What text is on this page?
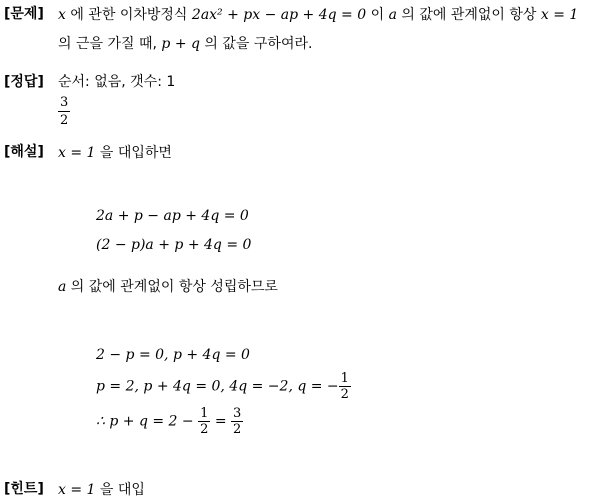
[문제] x 에 관한 이차방정식 2ax² + px − ap + 4q = 0 이 a 의 값에 관계없이 항상 x = 1
의 근을 가질 때, p + q 의 값을 구하여라.
[정답] 순서: 없음, 갯수: 1
$\frac{3}{2}$
[해설] x = 1 을 대입하면
2a + p − ap + 4q = 0
(2 − p)a + p + 4q = 0
a 의 값에 관계없이 항상 성립하므로
2 − p = 0, p + 4q = 0
p = 2, p + 4q = 0, 4q = −2, q = − $\frac{1}{2}$
∴ $p + q = 2 - \frac{1}{2} = \frac{3}{2}$
[힌트] x = 1 을 대입
